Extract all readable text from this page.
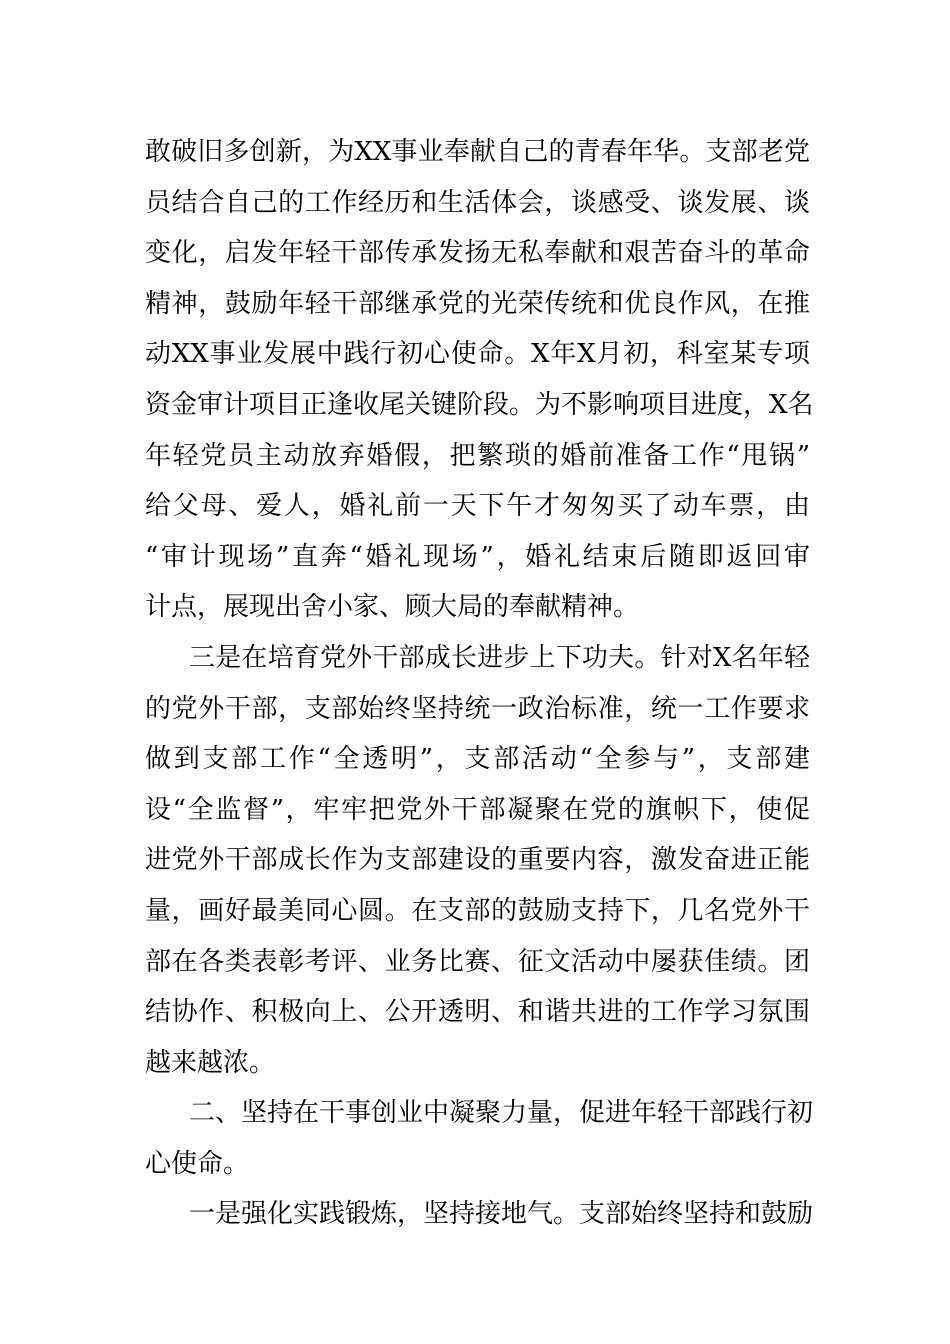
敢破旧多创新，为XX事业奉献自己的青春年华。支部老党
员结合自己的工作经历和生活体会，谈感受、谈发展、谈
变化，启发年轻干部传承发扬无私奉献和艰苦奋斗的革命
精神，鼓励年轻干部继承党的光荣传统和优良作风，在推
动XX事业发展中践行初心使命。X年X月初，科室某专项
资金审计项目正逢收尾关键阶段。为不影响项目进度，X名
年轻党员主动放弃婚假，把繁琐的婚前准备工作“甩锅”
给父母、爱人，婚礼前一天下午才匆匆买了动车票，由
“审计现场”直奔“婚礼现场”，婚礼结束后随即返回审
计点，展现出舍小家、顾大局的奉献精神。
三是在培育党外干部成长进步上下功夫。针对X名年轻
的党外干部，支部始终坚持统一政治标准，统一工作要求
做到支部工作“全透明”，支部活动“全参与”，支部建
设“全监督”，牢牢把党外干部凝聚在党的旗帜下，使促
进党外干部成长作为支部建设的重要内容，激发奋进正能
量，画好最美同心圆。在支部的鼓励支持下，几名党外干
部在各类表彰考评、业务比赛、征文活动中屡获佳绩。团
结协作、积极向上、公开透明、和谐共进的工作学习氛围
越来越浓。
二、坚持在干事创业中凝聚力量，促进年轻干部践行初
心使命。
一是强化实践锻炼，坚持接地气。支部始终坚持和鼓励
